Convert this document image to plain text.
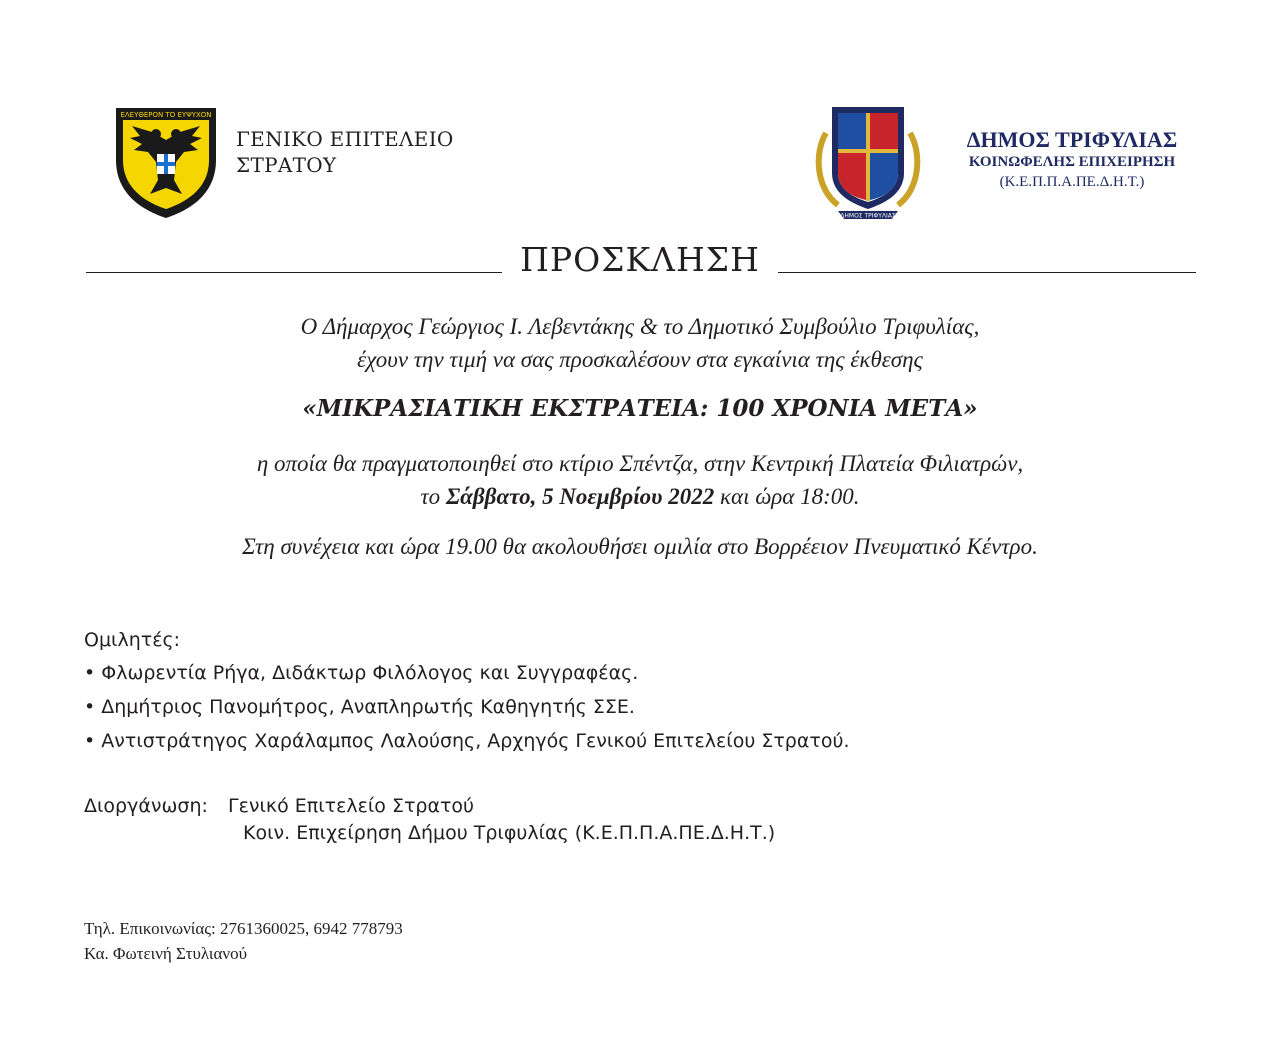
ΕΛΕΥΘΕΡΟΝ ΤΟ ΕΥΨΥΧΟΝ
ΓΕΝΙΚΟ ΕΠΙΤΕΛΕΙΟ
ΣΤΡΑΤΟΥ
ΔΗΜΟΣ ΤΡΙΦΥΛΙΑΣ
ΔΗΜΟΣ ΤΡΙΦΥΛΙΑΣ
ΚΟΙΝΩΦΕΛΗΣ ΕΠΙΧΕΙΡΗΣΗ
(Κ.Ε.Π.Π.Α.ΠΕ.Δ.Η.Τ.)
ΠΡΟΣΚΛΗΣΗ
Ο Δήμαρχος Γεώργιος Ι. Λεβεντάκης & το Δημοτικό Συμβούλιο Τριφυλίας,
έχουν την τιμή να σας προσκαλέσουν στα εγκαίνια της έκθεσης
«ΜΙΚΡΑΣΙΑΤΙΚΗ ΕΚΣΤΡΑΤΕΙΑ: 100 ΧΡΟΝΙΑ ΜΕΤΑ»
η οποία θα πραγματοποιηθεί στο κτίριο Σπέντζα, στην Κεντρική Πλατεία Φιλιατρών,
το Σάββατο, 5 Νοεμβρίου 2022 και ώρα 18:00.
Στη συνέχεια και ώρα 19.00 θα ακολουθήσει ομιλία στο Βορρέειον Πνευματικό Κέντρο.
Ομιλητές:
• Φλωρεντία Ρήγα, Διδάκτωρ Φιλόλογος και Συγγραφέας.
• Δημήτριος Πανομήτρος, Αναπληρωτής Καθηγητής ΣΣΕ.
• Αντιστράτηγος Χαράλαμπος Λαλούσης, Αρχηγός Γενικού Επιτελείου Στρατού.
Διοργάνωση: Γενικό Επιτελείο Στρατού
Κοιν. Επιχείρηση Δήμου Τριφυλίας (Κ.Ε.Π.Π.Α.ΠΕ.Δ.Η.Τ.)
Τηλ. Επικοινωνίας: 2761360025, 6942 778793
Κα. Φωτεινή Στυλιανού
